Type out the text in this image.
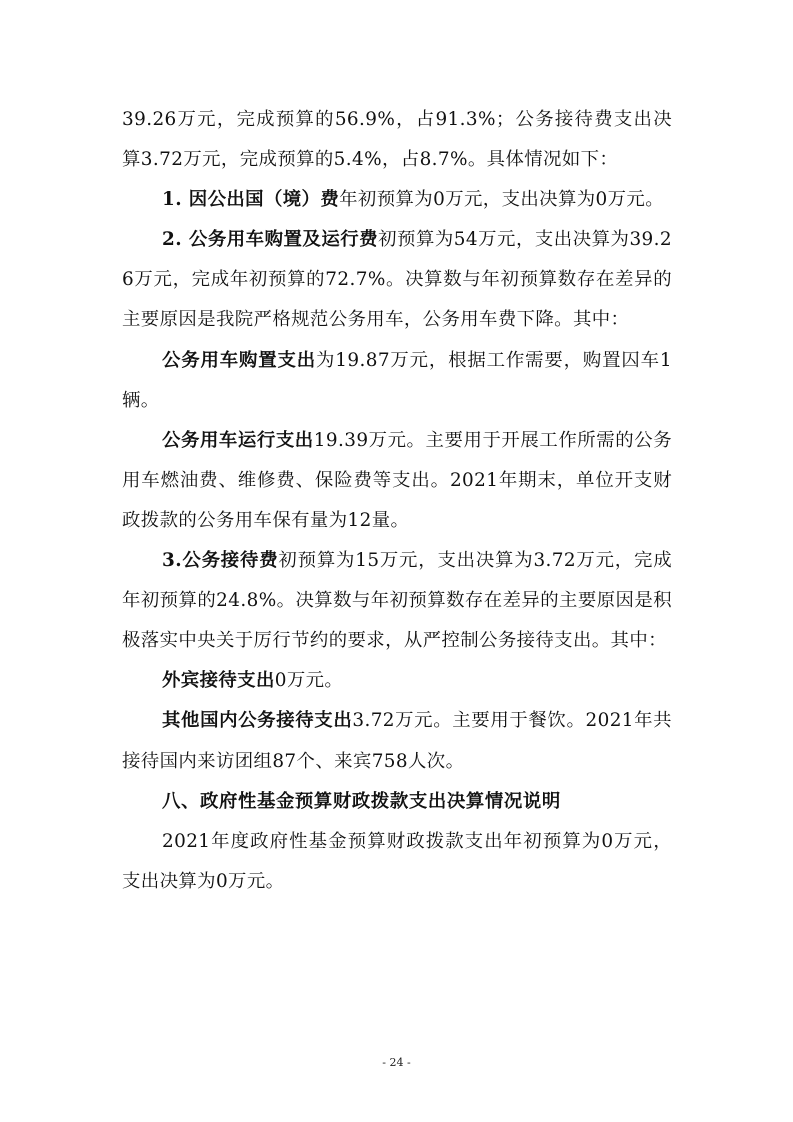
39.26万元，完成预算的56.9%，占91.3%；公务接待费支出决算3.72万元，完成预算的5.4%，占8.7%。具体情况如下：

1. 因公出国（境）费年初预算为0万元，支出决算为0万元。

2. 公务用车购置及运行费初预算为54万元，支出决算为39.26万元，完成年初预算的72.7%。决算数与年初预算数存在差异的主要原因是我院严格规范公务用车，公务用车费下降。其中：

公务用车购置支出为19.87万元，根据工作需要，购置囚车1辆。

公务用车运行支出19.39万元。主要用于开展工作所需的公务用车燃油费、维修费、保险费等支出。2021年期末，单位开支财政拨款的公务用车保有量为12量。

3.公务接待费初预算为15万元，支出决算为3.72万元，完成年初预算的24.8%。决算数与年初预算数存在差异的主要原因是积极落实中央关于厉行节约的要求，从严控制公务接待支出。其中：

外宾接待支出0万元。

其他国内公务接待支出3.72万元。主要用于餐饮。2021年共接待国内来访团组87个、来宾758人次。

八、政府性基金预算财政拨款支出决算情况说明

2021年度政府性基金预算财政拨款支出年初预算为0万元，支出决算为0万元。

- 24 -
